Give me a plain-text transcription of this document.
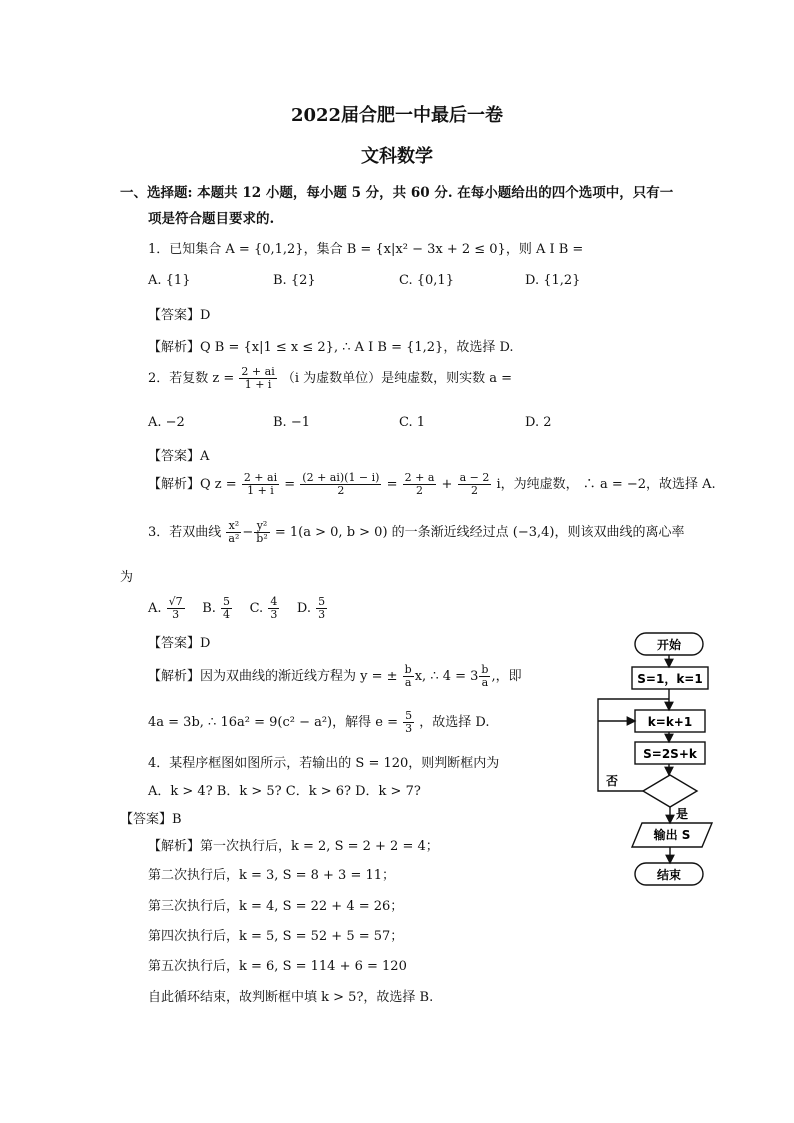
2022届合肥一中最后一卷
文科数学
一、选择题: 本题共 12 小题，每小题 5 分，共 60 分. 在每小题给出的四个选项中，只有一
项是符合题目要求的.
1．已知集合 A = {0,1,2}，集合 B = {x|x² − 3x + 2 ≤ 0}，则 A I B =
A. {1}	B. {2}	C. {0,1}	D. {1,2}
【答案】D
【解析】Q B = {x|1 ≤ x ≤ 2}, ∴ A I B = {1,2}，故选择 D.
2．若复数 $z = \frac{2 + ai}{1 + i} (i$ 为虚数单位）是纯虚数，则实数 a =
A. −2	B. −1	C. 1	D. 2
【答案】A
【解析】Q $z = \frac{2 + ai}{1 + i} = \frac{(2 + ai)(1 - i)}{2} = \frac{2 + a}{2} + \frac{a - 2}{2}$ i，为纯虚数， ∴ a = −2，故选择 A.
3．若双曲线 $\frac{\text{x²}}{\text{a²}} - \frac{\text{y²}}{\text{b²}} = 1(a > 0$, b > 0) 的一条渐近线经过点 (−3,4)，则该双曲线的离心率
为
A. $\frac{√7}{3} B$. $\frac{5}{4} C$. $\frac{4}{3} D$. $\frac{5}{3}$
【答案】D
【解析】因为双曲线的渐近线方程为 y = ± $\frac{b}{a} x$, ∴ $4 = 3 \frac{b}{a}$ ,，即
4a = 3b, ∴ 16a² = 9(c² − a²)，解得 $e = \frac{5}{3}$ ，故选择 D.
4．某程序框图如图所示，若输出的 S = 120，则判断框内为
A．k > 4? B．k > 5? C．k > 6? D．k > 7?
【答案】B
【解析】第一次执行后，k = 2, S = 2 + 2 = 4；
第二次执行后，k = 3, S = 8 + 3 = 11；
第三次执行后，k = 4, S = 22 + 4 = 26；
第四次执行后，k = 5, S = 52 + 5 = 57；
第五次执行后，k = 6, S = 114 + 6 = 120
自此循环结束，故判断框中填 k > 5?，故选择 B.
开始
S=1，k=1
k=k+1
S=2S+k
否
是
输出 S
结束
